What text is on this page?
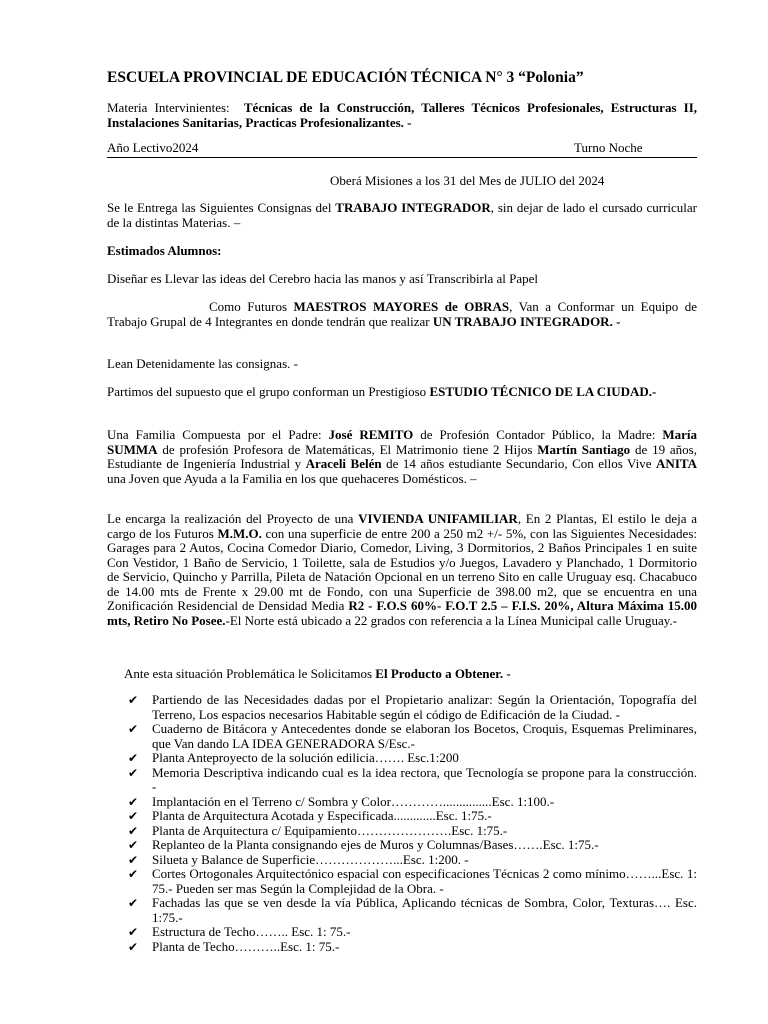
ESCUELA PROVINCIAL DE EDUCACIÓN TÉCNICA N° 3 “Polonia”
Materia Intervinientes: Técnicas de la Construcción, Talleres Técnicos Profesionales, Estructuras II, Instalaciones Sanitarias, Practicas Profesionalizantes. -
Año Lectivo2024	Turno Noche
Oberá Misiones a los 31 del Mes de JULIO del 2024
Se le Entrega las Siguientes Consignas del TRABAJO INTEGRADOR, sin dejar de lado el cursado curricular de la distintas Materias. –
Estimados Alumnos:
Diseñar es Llevar las ideas del Cerebro hacia las manos y así Transcribirla al Papel
Como Futuros MAESTROS MAYORES de OBRAS, Van a Conformar un Equipo de Trabajo Grupal de 4 Integrantes en donde tendrán que realizar UN TRABAJO INTEGRADOR. -
Lean Detenidamente las consignas. -
Partimos del supuesto que el grupo conforman un Prestigioso ESTUDIO TÉCNICO DE LA CIUDAD.-
Una Familia Compuesta por el Padre: José REMITO de Profesión Contador Público, la Madre: María SUMMA de profesión Profesora de Matemáticas, El Matrimonio tiene 2 Hijos Martín Santiago de 19 años, Estudiante de Ingeniería Industrial y Araceli Belén de 14 años estudiante Secundario, Con ellos Vive ANITA una Joven que Ayuda a la Familia en los que quehaceres Domésticos. –
Le encarga la realización del Proyecto de una VIVIENDA UNIFAMILIAR, En 2 Plantas, El estilo le deja a cargo de los Futuros M.M.O. con una superficie de entre 200 a 250 m2 +/- 5%, con las Siguientes Necesidades: Garages para 2 Autos, Cocina Comedor Diario, Comedor, Living, 3 Dormitorios, 2 Baños Principales 1 en suite Con Vestidor, 1 Baño de Servicio, 1 Toilette, sala de Estudios y/o Juegos, Lavadero y Planchado, 1 Dormitorio de Servicio, Quincho y Parrilla, Pileta de Natación Opcional en un terreno Sito en calle Uruguay esq. Chacabuco de 14.00 mts de Frente x 29.00 mt de Fondo, con una Superficie de 398.00 m2, que se encuentra en una Zonificación Residencial de Densidad Media R2 - F.O.S 60%- F.O.T 2.5 – F.I.S. 20%, Altura Máxima 15.00 mts, Retiro No Posee.-El Norte está ubicado a 22 grados con referencia a la Línea Municipal calle Uruguay.-
Ante esta situación Problemática le Solicitamos El Producto a Obtener. -
✔ Partiendo de las Necesidades dadas por el Propietario analizar: Según la Orientación, Topografía del Terreno, Los espacios necesarios Habitable según el código de Edificación de la Ciudad. -
✔ Cuaderno de Bitácora y Antecedentes donde se elaboran los Bocetos, Croquis, Esquemas Preliminares, que Van dando LA IDEA GENERADORA S/Esc.-
✔ Planta Anteproyecto de la solución edilicia……. Esc.1:200
✔ Memoria Descriptiva indicando cual es la idea rectora, que Tecnología se propone para la construcción. -
✔ Implantación en el Terreno c/ Sombra y Color…………...............Esc. 1:100.-
✔ Planta de Arquitectura Acotada y Especificada.............Esc. 1:75.-
✔ Planta de Arquitectura c/ Equipamiento………………….Esc. 1:75.-
✔ Replanteo de la Planta consignando ejes de Muros y Columnas/Bases…….Esc. 1:75.-
✔ Silueta y Balance de Superficie………………...Esc. 1:200. -
✔ Cortes Ortogonales Arquitectónico espacial con especificaciones Técnicas 2 como mínimo……...Esc. 1: 75.- Pueden ser mas Según la Complejidad de la Obra. -
✔ Fachadas las que se ven desde la vía Pública, Aplicando técnicas de Sombra, Color, Texturas…. Esc. 1:75.-
✔ Estructura de Techo…….. Esc. 1: 75.-
✔ Planta de Techo………..Esc. 1: 75.-
